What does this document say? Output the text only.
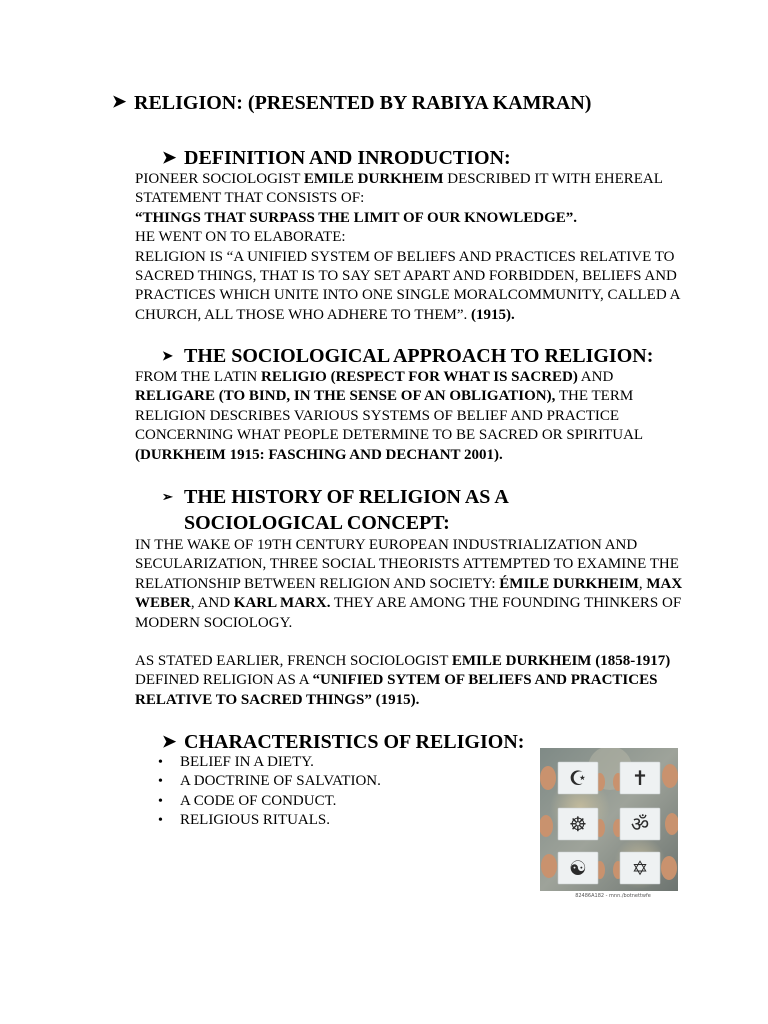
➤ RELIGION: (PRESENTED BY RABIYA KAMRAN)
➤ DEFINITION AND INRODUCTION:

PIONEER SOCIOLOGIST EMILE DURKHEIM DESCRIBED IT WITH EHEREAL STATEMENT THAT CONSISTS OF:

“THINGS THAT SURPASS THE LIMIT OF OUR KNOWLEDGE”.

HE WENT ON TO ELABORATE:

RELIGION IS “A UNIFIED SYSTEM OF BELIEFS AND PRACTICES RELATIVE TO SACRED THINGS, THAT IS TO SAY SET APART AND FORBIDDEN, BELIEFS AND PRACTICES WHICH UNITE INTO ONE SINGLE MORALCOMMUNITY, CALLED A CHURCH, ALL THOSE WHO ADHERE TO THEM”. (1915).

➤ THE SOCIOLOGICAL APPROACH TO RELIGION:

FROM THE LATIN RELIGIO (RESPECT FOR WHAT IS SACRED) AND RELIGARE (TO BIND, IN THE SENSE OF AN OBLIGATION), THE TERM RELIGION DESCRIBES VARIOUS SYSTEMS OF BELIEF AND PRACTICE CONCERNING WHAT PEOPLE DETERMINE TO BE SACRED OR SPIRITUAL (DURKHEIM 1915: FASCHING AND DECHANT 2001).

➢ THE HISTORY OF RELIGION AS A
SOCIOLOGICAL CONCEPT:

IN THE WAKE OF 19TH CENTURY EUROPEAN INDUSTRIALIZATION AND SECULARIZATION, THREE SOCIAL THEORISTS ATTEMPTED TO EXAMINE THE RELATIONSHIP BETWEEN RELIGION AND SOCIETY: ÉMILE DURKHEIM, MAX WEBER, AND KARL MARX. THEY ARE AMONG THE FOUNDING THINKERS OF MODERN SOCIOLOGY.

AS STATED EARLIER, FRENCH SOCIOLOGIST EMILE DURKHEIM (1858-1917) DEFINED RELIGION AS A “UNIFIED SYTEM OF BELIEFS AND PRACTICES RELATIVE TO SACRED THINGS” (1915).

➤ CHARACTERISTICS OF RELIGION:
• BELIEF IN A DIETY.
• A DOCTRINE OF SALVATION.
• A CODE OF CONDUCT.
• RELIGIOUS RITUALS.
☪ ✝
☸ ॐ
☯ ✡
82486A182 - mnn./botnettwfe
